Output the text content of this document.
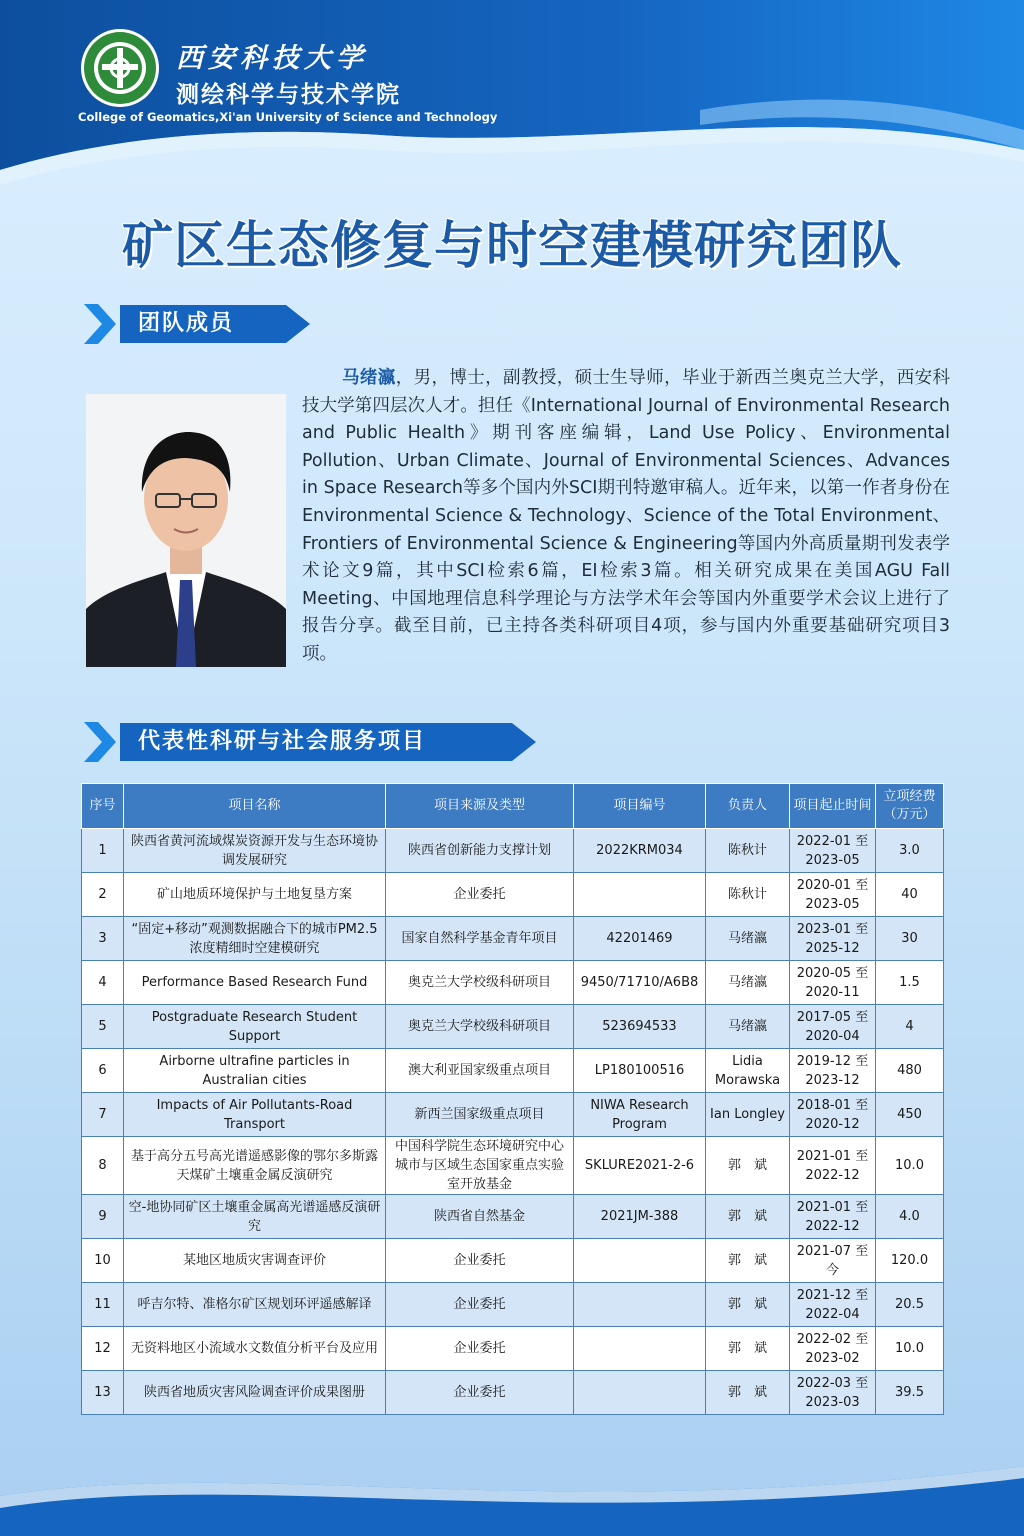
西安科技大学
测绘科学与技术学院
College of Geomatics,Xi'an University of Science and Technology
矿区生态修复与时空建模研究团队
团队成员
马绪瀛，男，博士，副教授，硕士生导师，毕业于新西兰奥克兰大学，西安科技大学第四层次人才。担任《International Journal of Environmental Research and Public Health》期刊客座编辑，Land Use Policy、Environmental Pollution、Urban Climate、Journal of Environmental Sciences、Advances in Space Research等多个国内外SCI期刊特邀审稿人。近年来，以第一作者身份在Environmental Science & Technology、Science of the Total Environment、Frontiers of Environmental Science & Engineering等国内外高质量期刊发表学术论文9篇，其中SCI检索6篇，EI检索3篇。相关研究成果在美国AGU Fall Meeting、中国地理信息科学理论与方法学术年会等国内外重要学术会议上进行了报告分享。截至目前，已主持各类科研项目4项，参与国内外重要基础研究项目3项。
代表性科研与社会服务项目
序号	项目名称	项目来源及类型	项目编号	负责人	项目起止时间	立项经费（万元）
1	陕西省黄河流域煤炭资源开发与生态环境协调发展研究	陕西省创新能力支撑计划	2022KRM034	陈秋计	2022-01 至 2023-05	3.0
2	矿山地质环境保护与土地复垦方案	企业委托		陈秋计	2020-01 至 2023-05	40
3	“固定+移动”观测数据融合下的城市PM2.5 浓度精细时空建模研究	国家自然科学基金青年项目	42201469	马绪瀛	2023-01 至 2025-12	30
4	Performance Based Research Fund	奥克兰大学校级科研项目	9450/71710/A6B8	马绪瀛	2020-05 至 2020-11	1.5
5	Postgraduate Research Student Support	奥克兰大学校级科研项目	523694533	马绪瀛	2017-05 至 2020-04	4
6	Airborne ultrafine particles in Australian cities	澳大利亚国家级重点项目	LP180100516	Lidia Morawska	2019-12 至 2023-12	480
7	Impacts of Air Pollutants-Road Transport	新西兰国家级重点项目	NIWA Research Program	Ian Longley	2018-01 至 2020-12	450
8	基于高分五号高光谱遥感影像的鄂尔多斯露天煤矿土壤重金属反演研究	中国科学院生态环境研究中心城市与区域生态国家重点实验室开放基金	SKLURE2021-2-6	郭　斌	2021-01 至 2022-12	10.0
9	空-地协同矿区土壤重金属高光谱遥感反演研究	陕西省自然基金	2021JM-388	郭　斌	2021-01 至 2022-12	4.0
10	某地区地质灾害调查评价	企业委托		郭　斌	2021-07 至 今	120.0
11	呼吉尔特、准格尔矿区规划环评遥感解译	企业委托		郭　斌	2021-12 至 2022-04	20.5
12	无资料地区小流域水文数值分析平台及应用	企业委托		郭　斌	2022-02 至 2023-02	10.0
13	陕西省地质灾害风险调查评价成果图册	企业委托		郭　斌	2022-03 至 2023-03	39.5
